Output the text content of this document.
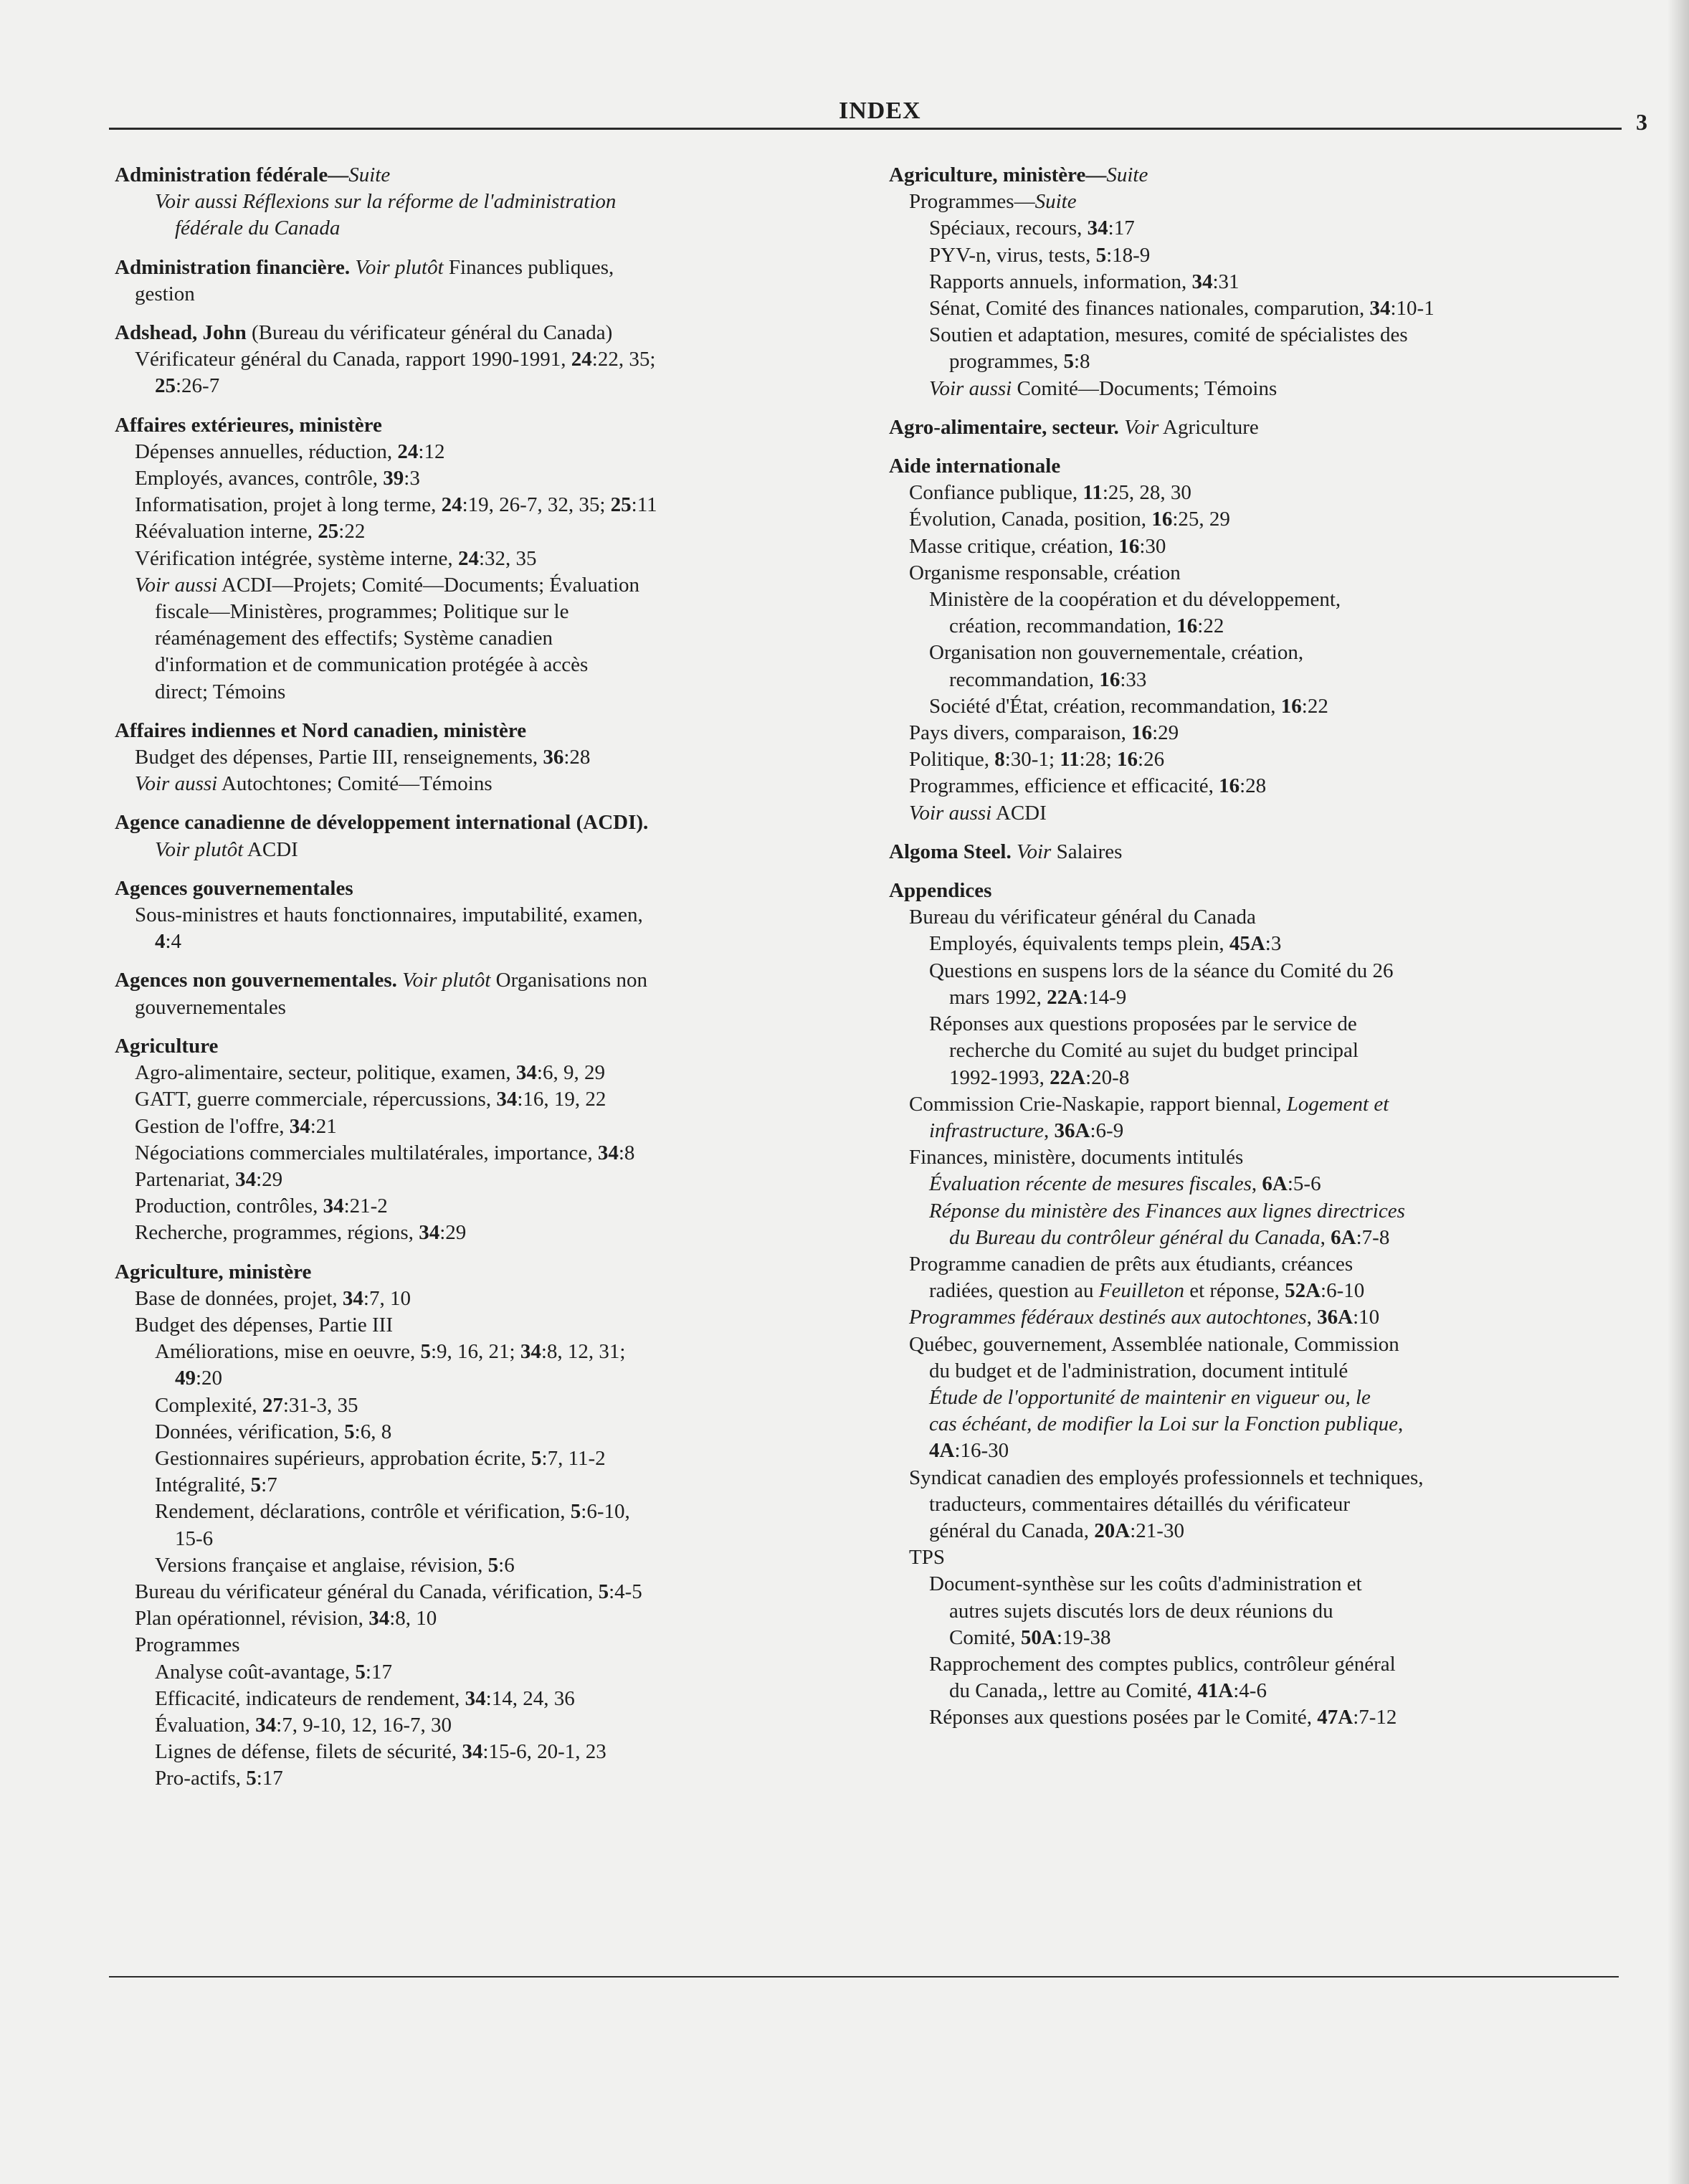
INDEX	3
Administration fédérale—Suite
Voir aussi Réflexions sur la réforme de l'administration
fédérale du Canada
Administration financière. Voir plutôt Finances publiques,
gestion
Adshead, John (Bureau du vérificateur général du Canada)
Vérificateur général du Canada, rapport 1990-1991, 24:22, 35;
25:26-7
Affaires extérieures, ministère
Dépenses annuelles, réduction, 24:12
Employés, avances, contrôle, 39:3
Informatisation, projet à long terme, 24:19, 26-7, 32, 35; 25:11
Réévaluation interne, 25:22
Vérification intégrée, système interne, 24:32, 35
Voir aussi ACDI—Projets; Comité—Documents; Évaluation
fiscale—Ministères, programmes; Politique sur le
réaménagement des effectifs; Système canadien
d'information et de communication protégée à accès
direct; Témoins
Affaires indiennes et Nord canadien, ministère
Budget des dépenses, Partie III, renseignements, 36:28
Voir aussi Autochtones; Comité—Témoins
Agence canadienne de développement international (ACDI).
Voir plutôt ACDI
Agences gouvernementales
Sous-ministres et hauts fonctionnaires, imputabilité, examen,
4:4
Agences non gouvernementales. Voir plutôt Organisations non
gouvernementales
Agriculture
Agro-alimentaire, secteur, politique, examen, 34:6, 9, 29
GATT, guerre commerciale, répercussions, 34:16, 19, 22
Gestion de l'offre, 34:21
Négociations commerciales multilatérales, importance, 34:8
Partenariat, 34:29
Production, contrôles, 34:21-2
Recherche, programmes, régions, 34:29
Agriculture, ministère
Base de données, projet, 34:7, 10
Budget des dépenses, Partie III
Améliorations, mise en oeuvre, 5:9, 16, 21; 34:8, 12, 31;
49:20
Complexité, 27:31-3, 35
Données, vérification, 5:6, 8
Gestionnaires supérieurs, approbation écrite, 5:7, 11-2
Intégralité, 5:7
Rendement, déclarations, contrôle et vérification, 5:6-10,
15-6
Versions française et anglaise, révision, 5:6
Bureau du vérificateur général du Canada, vérification, 5:4-5
Plan opérationnel, révision, 34:8, 10
Programmes
Analyse coût-avantage, 5:17
Efficacité, indicateurs de rendement, 34:14, 24, 36
Évaluation, 34:7, 9-10, 12, 16-7, 30
Lignes de défense, filets de sécurité, 34:15-6, 20-1, 23
Pro-actifs, 5:17
Agriculture, ministère—Suite
Programmes—Suite
Spéciaux, recours, 34:17
PYV-n, virus, tests, 5:18-9
Rapports annuels, information, 34:31
Sénat, Comité des finances nationales, comparution, 34:10-1
Soutien et adaptation, mesures, comité de spécialistes des
programmes, 5:8
Voir aussi Comité—Documents; Témoins
Agro-alimentaire, secteur. Voir Agriculture
Aide internationale
Confiance publique, 11:25, 28, 30
Évolution, Canada, position, 16:25, 29
Masse critique, création, 16:30
Organisme responsable, création
Ministère de la coopération et du développement,
création, recommandation, 16:22
Organisation non gouvernementale, création,
recommandation, 16:33
Société d'État, création, recommandation, 16:22
Pays divers, comparaison, 16:29
Politique, 8:30-1; 11:28; 16:26
Programmes, efficience et efficacité, 16:28
Voir aussi ACDI
Algoma Steel. Voir Salaires
Appendices
Bureau du vérificateur général du Canada
Employés, équivalents temps plein, 45A:3
Questions en suspens lors de la séance du Comité du 26
mars 1992, 22A:14-9
Réponses aux questions proposées par le service de
recherche du Comité au sujet du budget principal
1992-1993, 22A:20-8
Commission Crie-Naskapie, rapport biennal, Logement et
infrastructure, 36A:6-9
Finances, ministère, documents intitulés
Évaluation récente de mesures fiscales, 6A:5-6
Réponse du ministère des Finances aux lignes directrices
du Bureau du contrôleur général du Canada, 6A:7-8
Programme canadien de prêts aux étudiants, créances
radiées, question au Feuilleton et réponse, 52A:6-10
Programmes fédéraux destinés aux autochtones, 36A:10
Québec, gouvernement, Assemblée nationale, Commission
du budget et de l'administration, document intitulé
Étude de l'opportunité de maintenir en vigueur ou, le
cas échéant, de modifier la Loi sur la Fonction publique,
4A:16-30
Syndicat canadien des employés professionnels et techniques,
traducteurs, commentaires détaillés du vérificateur
général du Canada, 20A:21-30
TPS
Document-synthèse sur les coûts d'administration et
autres sujets discutés lors de deux réunions du
Comité, 50A:19-38
Rapprochement des comptes publics, contrôleur général
du Canada,, lettre au Comité, 41A:4-6
Réponses aux questions posées par le Comité, 47A:7-12
